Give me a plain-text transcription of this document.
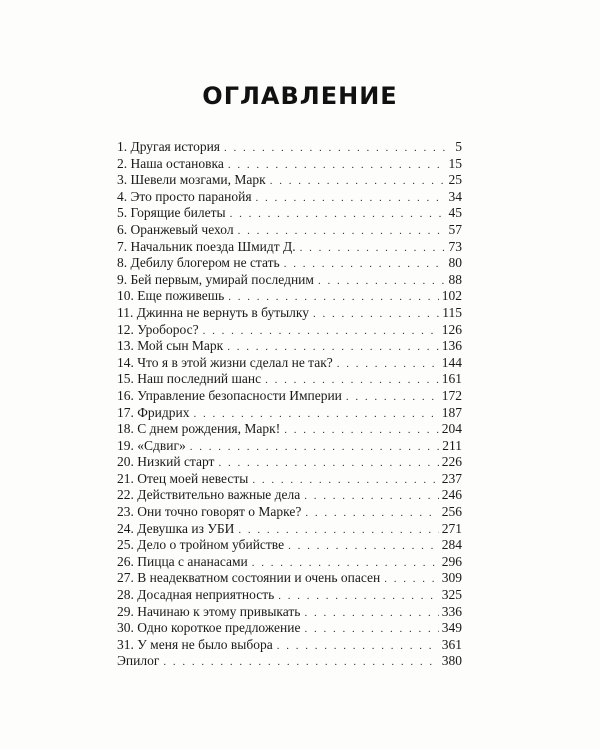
ОГЛАВЛЕНИЕ
1. Другая история . . .	5
2. Наша остановка . . .	15
3. Шевели мозгами, Марк . . .	25
4. Это просто паранойя . . .	34
5. Горящие билеты . . .	45
6. Оранжевый чехол . . .	57
7. Начальник поезда Шмидт Д. . . .	73
8. Дебилу блогером не стать . . .	80
9. Бей первым, умирай последним . . .	88
10. Еще поживешь . . .	102
11. Джинна не вернуть в бутылку . . .	115
12. Уроборос? . . .	126
13. Мой сын Марк . . .	136
14. Что я в этой жизни сделал не так? . . .	144
15. Наш последний шанс . . .	161
16. Управление безопасности Империи . . .	172
17. Фридрих . . .	187
18. С днем рождения, Марк! . . .	204
19. «Сдвиг» . . .	211
20. Низкий старт . . .	226
21. Отец моей невесты . . .	237
22. Действительно важные дела . . .	246
23. Они точно говорят о Марке? . . .	256
24. Девушка из УБИ . . .	271
25. Дело о тройном убийстве . . .	284
26. Пицца с ананасами . . .	296
27. В неадекватном состоянии и очень опасен . . .	309
28. Досадная неприятность . . .	325
29. Начинаю к этому привыкать . . .	336
30. Одно короткое предложение . . .	349
31. У меня не было выбора . . .	361
Эпилог . . .	380
